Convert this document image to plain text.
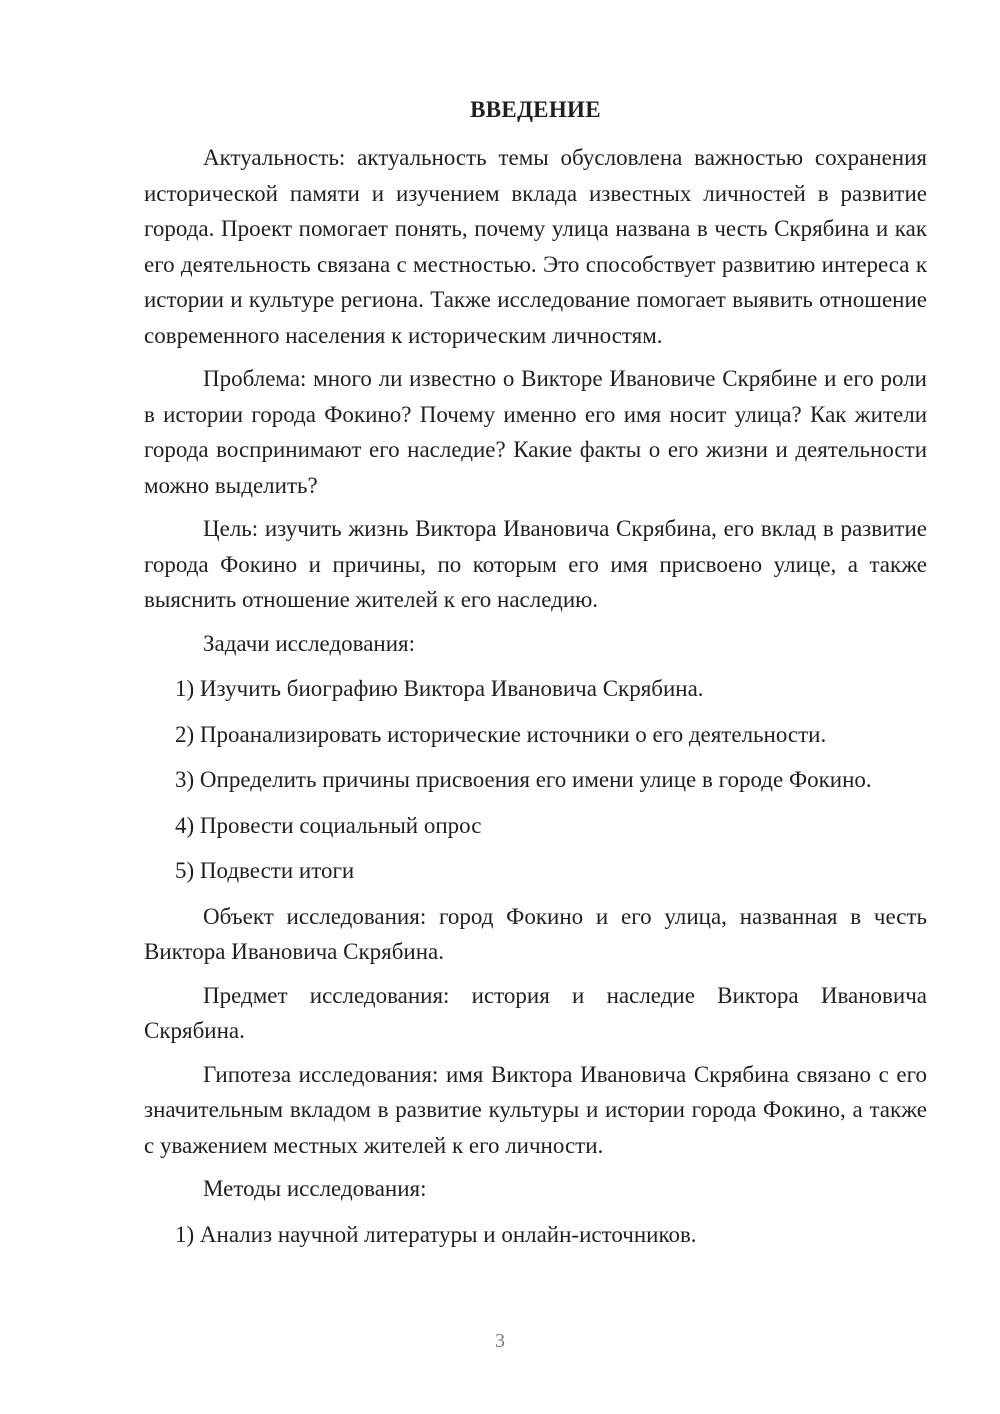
ВВЕДЕНИЕ

Актуальность: актуальность темы обусловлена важностью сохранения исторической памяти и изучением вклада известных личностей в развитие города. Проект помогает понять, почему улица названа в честь Скрябина и как его деятельность связана с местностью. Это способствует развитию интереса к истории и культуре региона. Также исследование помогает выявить отношение современного населения к историческим личностям.

Проблема: много ли известно о Викторе Ивановиче Скрябине и его роли в истории города Фокино? Почему именно его имя носит улица? Как жители города воспринимают его наследие? Какие факты о его жизни и деятельности можно выделить?

Цель: изучить жизнь Виктора Ивановича Скрябина, его вклад в развитие города Фокино и причины, по которым его имя присвоено улице, а также выяснить отношение жителей к его наследию.

Задачи исследования:
1) Изучить биографию Виктора Ивановича Скрябина.
2) Проанализировать исторические источники о его деятельности.
3) Определить причины присвоения его имени улице в городе Фокино.
4) Провести социальный опрос
5) Подвести итоги

Объект исследования: город Фокино и его улица, названная в честь Виктора Ивановича Скрябина.

Предмет исследования: история и наследие Виктора Ивановича Скрябина.

Гипотеза исследования: имя Виктора Ивановича Скрябина связано с его значительным вкладом в развитие культуры и истории города Фокино, а также с уважением местных жителей к его личности.

Методы исследования:
1) Анализ научной литературы и онлайн-источников.
3
